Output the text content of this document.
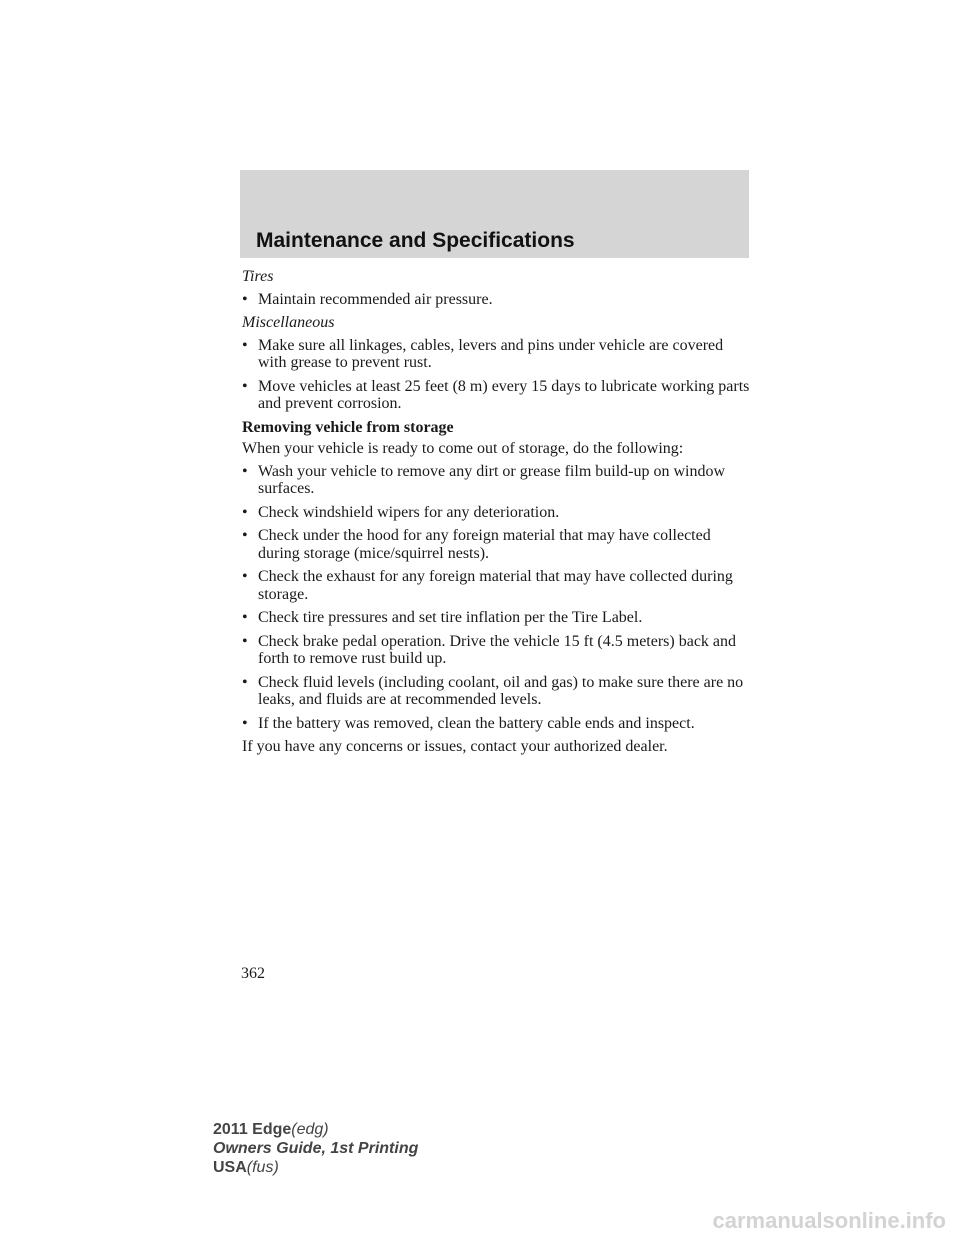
Maintenance and Specifications

Tires

• Maintain recommended air pressure.

Miscellaneous

• Make sure all linkages, cables, levers and pins under vehicle are covered with grease to prevent rust.
• Move vehicles at least 25 feet (8 m) every 15 days to lubricate working parts and prevent corrosion.

Removing vehicle from storage

When your vehicle is ready to come out of storage, do the following:

• Wash your vehicle to remove any dirt or grease film build-up on window surfaces.
• Check windshield wipers for any deterioration.
• Check under the hood for any foreign material that may have collected during storage (mice/squirrel nests).
• Check the exhaust for any foreign material that may have collected during storage.
• Check tire pressures and set tire inflation per the Tire Label.
• Check brake pedal operation. Drive the vehicle 15 ft (4.5 meters) back and forth to remove rust build up.
• Check fluid levels (including coolant, oil and gas) to make sure there are no leaks, and fluids are at recommended levels.
• If the battery was removed, clean the battery cable ends and inspect.

If you have any concerns or issues, contact your authorized dealer.

362
2011 Edge(edg)
Owners Guide, 1st Printing
USA(fus)
carmanualsonline.info
